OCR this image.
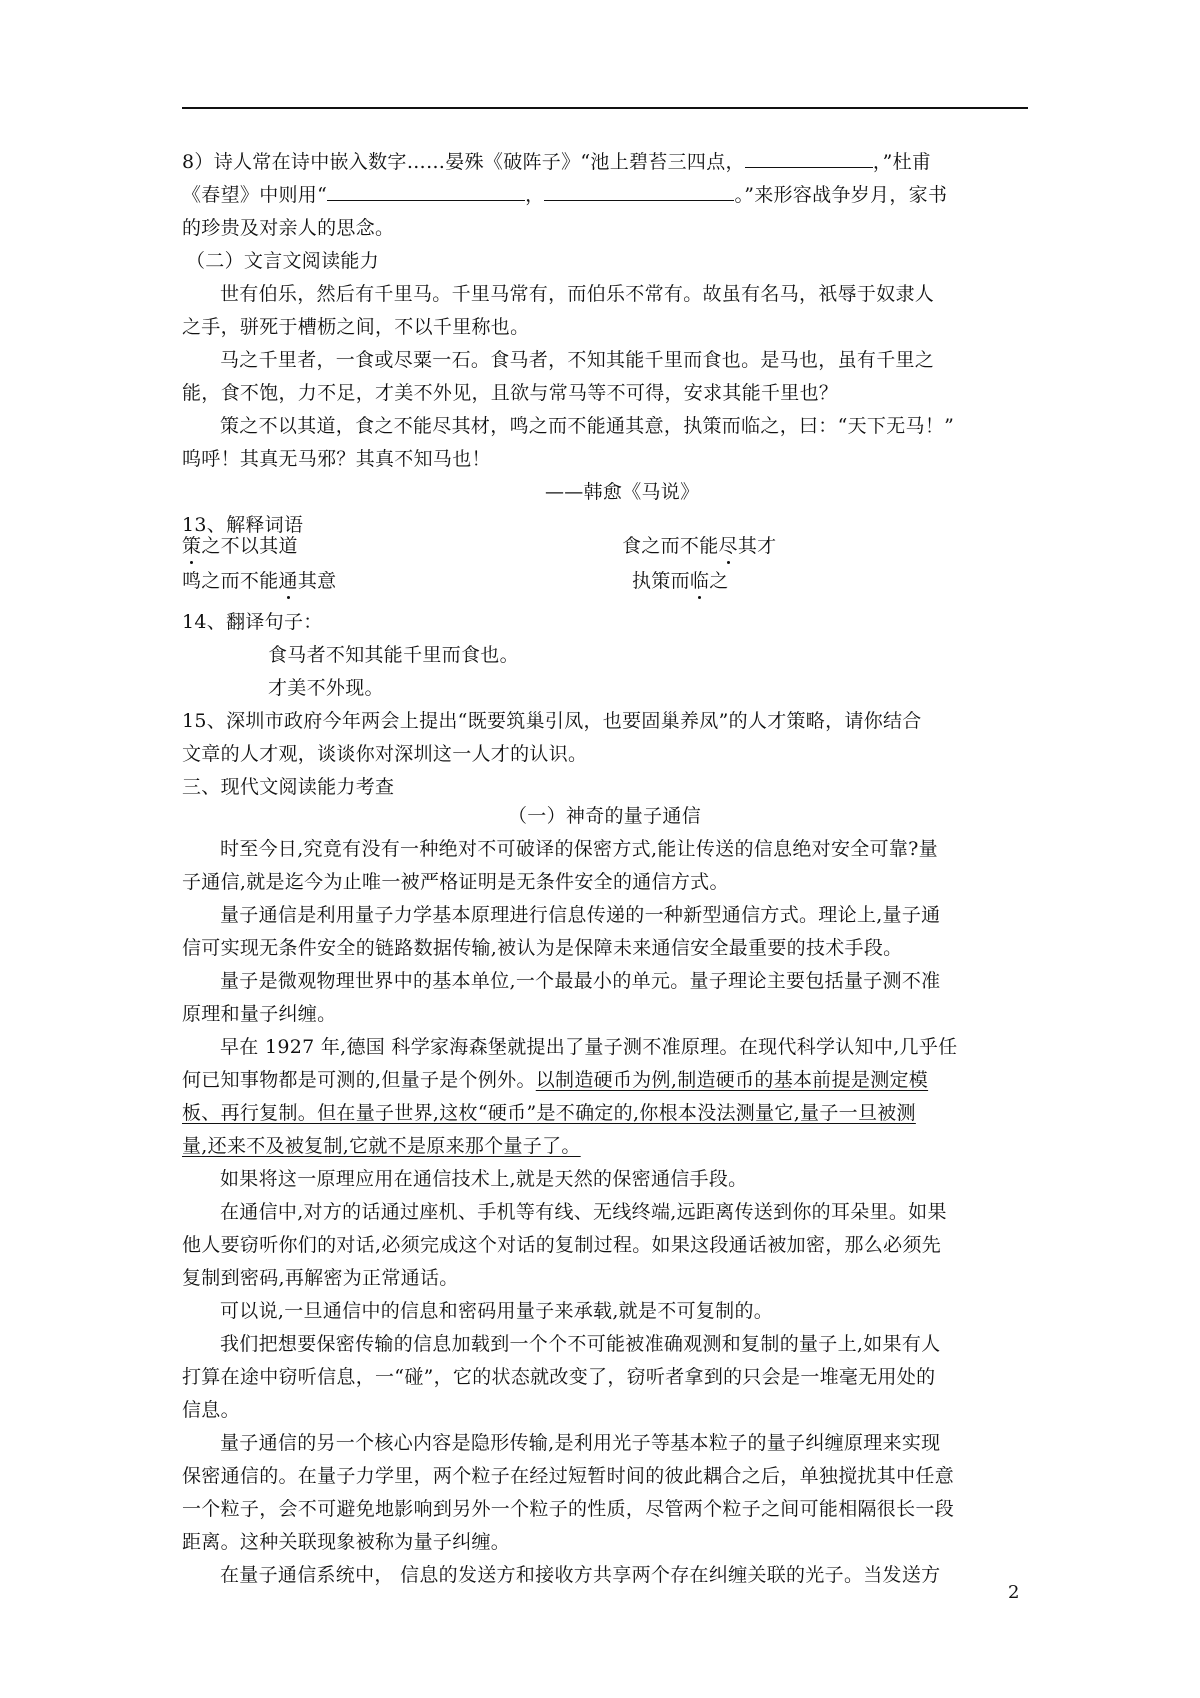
8）诗人常在诗中嵌入数字……晏殊《破阵子》“池上碧苔三四点，	，”杜甫
《春望》中则用“	，	。”来形容战争岁月，家书
的珍贵及对亲人的思念。
（二）文言文阅读能力
世有伯乐，然后有千里马。千里马常有，而伯乐不常有。故虽有名马，祇辱于奴隶人
之手，骈死于槽枥之间，不以千里称也。
马之千里者，一食或尽粟一石。食马者，不知其能千里而食也。是马也，虽有千里之
能，食不饱，力不足，才美不外见，且欲与常马等不可得，安求其能千里也？
策之不以其道，食之不能尽其材，鸣之而不能通其意，执策而临之，曰：“天下无马！”
呜呼！其真无马邪？其真不知马也！
——韩愈《马说》
13、解释词语
策之不以其道	食之而不能尽其才
鸣之而不能通其意	执策而临之
14、翻译句子：
食马者不知其能千里而食也。
才美不外现。
15、深圳市政府今年两会上提出“既要筑巢引凤，也要固巢养凤”的人才策略，请你结合
文章的人才观，谈谈你对深圳这一人才的认识。
三、现代文阅读能力考查
（一）神奇的量子通信
时至今日,究竟有没有一种绝对不可破译的保密方式,能让传送的信息绝对安全可靠?量
子通信,就是迄今为止唯一被严格证明是无条件安全的通信方式。
量子通信是利用量子力学基本原理进行信息传递的一种新型通信方式。理论上,量子通
信可实现无条件安全的链路数据传输,被认为是保障未来通信安全最重要的技术手段。
量子是微观物理世界中的基本单位,一个最最小的单元。量子理论主要包括量子测不准
原理和量子纠缠。
早在 1927 年,德国 科学家海森堡就提出了量子测不准原理。在现代科学认知中,几乎任
何已知事物都是可测的,但量子是个例外。以制造硬币为例,制造硬币的基本前提是测定模
板、再行复制。但在量子世界,这枚“硬币”是不确定的,你根本没法测量它,量子一旦被测
量,还来不及被复制,它就不是原来那个量子了。
如果将这一原理应用在通信技术上,就是天然的保密通信手段。
在通信中,对方的话通过座机、手机等有线、无线终端,远距离传送到你的耳朵里。如果
他人要窃听你们的对话,必须完成这个对话的复制过程。如果这段通话被加密，那么必须先
复制到密码,再解密为正常通话。
可以说,一旦通信中的信息和密码用量子来承载,就是不可复制的。
我们把想要保密传输的信息加载到一个个不可能被准确观测和复制的量子上,如果有人
打算在途中窃听信息，一“碰”，它的状态就改变了，窃听者拿到的只会是一堆毫无用处的
信息。
量子通信的另一个核心内容是隐形传输,是利用光子等基本粒子的量子纠缠原理来实现
保密通信的。在量子力学里，两个粒子在经过短暂时间的彼此耦合之后，单独搅扰其中任意
一个粒子，会不可避免地影响到另外一个粒子的性质，尽管两个粒子之间可能相隔很长一段
距离。这种关联现象被称为量子纠缠。
在量子通信系统中， 信息的发送方和接收方共享两个存在纠缠关联的光子。当发送方
2
